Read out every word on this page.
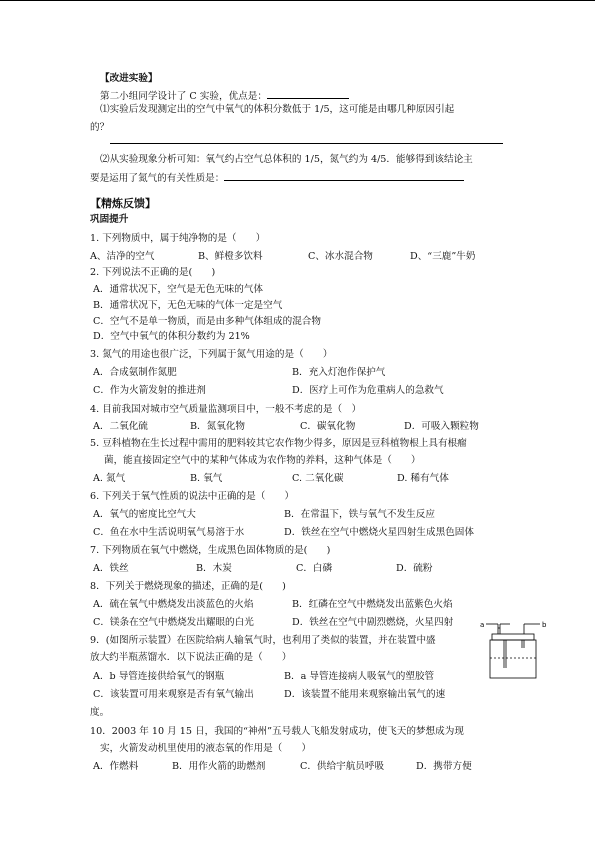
【改进实验】
第二小组同学设计了 C 实验，优点是：
⑴实验后发现测定出的空气中氧气的体积分数低于 1/5，这可能是由哪几种原因引起
的？
⑵从实验现象分析可知：氧气约占空气总体积的 1/5，氮气约为 4/5．能够得到该结论主
要是运用了氮气的有关性质是：
【精炼反馈】
巩固提升
1. 下列物质中，属于纯净物的是（　　）
A、洁净的空气	B、鲜橙多饮料	C、冰水混合物	D、“三鹿”牛奶
2. 下列说法不正确的是(　　)
A．通常状况下，空气是无色无味的气体
B．通常状况下，无色无味的气体一定是空气
C．空气不是单一物质，而是由多种气体组成的混合物
D．空气中氧气的体积分数约为 21%
3. 氮气的用途也很广泛，下列属于氮气用途的是（　　）
A．合成氨制作氮肥	B．充入灯泡作保护气
C．作为火箭发射的推进剂	D．医疗上可作为危重病人的急救气
4. 目前我国对城市空气质量监测项目中，一般不考虑的是（　）
A．二氧化硫	B．氮氧化物	C．碳氧化物	D．可吸入颗粒物
5. 豆科植物在生长过程中需用的肥料较其它农作物少得多，原因是豆科植物根上具有根瘤
菌，能直接固定空气中的某种气体成为农作物的养料，这种气体是（　　）
A. 氮气	B. 氧气	C. 二氧化碳	D. 稀有气体
6. 下列关于氧气性质的说法中正确的是（　　）
A．氧气的密度比空气大	B．在常温下，铁与氧气不发生反应
C．鱼在水中生活说明氧气易溶于水	D．铁丝在空气中燃烧火星四射生成黑色固体
7. 下列物质在氧气中燃烧，生成黑色固体物质的是(　　)
A．铁丝	B．木炭	C．白磷	D．硫粉
8．下列关于燃烧现象的描述，正确的是(　　)
A．硫在氧气中燃烧发出淡蓝色的火焰	B．红磷在空气中燃烧发出蓝紫色火焰
C．镁条在空气中燃烧发出耀眼的白光	D．铁丝在空气中剧烈燃烧，火星四射
9．(如图所示装置）在医院给病人输氧气时，也利用了类似的装置，并在装置中盛
放大约半瓶蒸馏水．以下说法正确的是（　　）
A．b 导管连接供给氧气的钢瓶	B．a 导管连接病人吸氧气的塑胶管
C．该装置可用来观察是否有氧气输出	D．该装置不能用来观察输出氧气的速
度。
a	b
10．2003 年 10 月 15 日，我国的“神州”五号载人飞船发射成功，使飞天的梦想成为现
实，火箭发动机里使用的液态氧的作用是（　　）
A．作燃料	B．用作火箭的助燃剂	C．供给宇航员呼吸	D．携带方便
